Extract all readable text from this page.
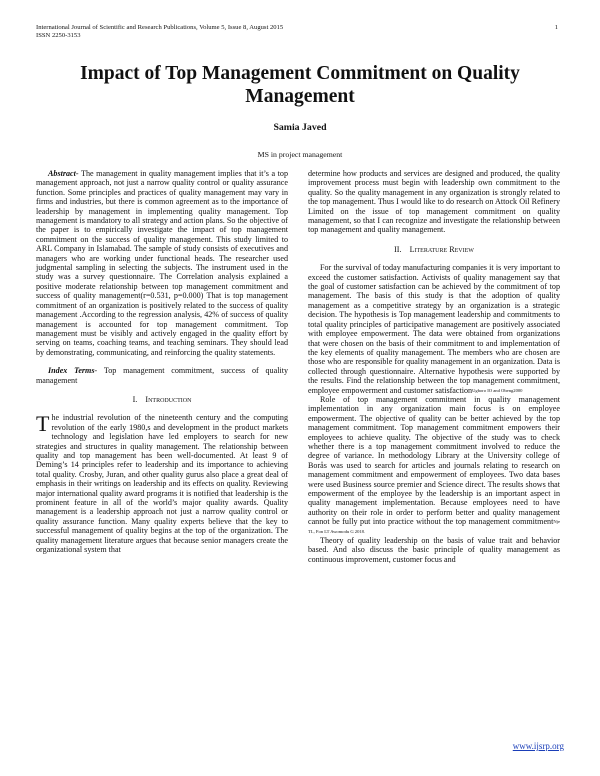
International Journal of Scientific and Research Publications, Volume 5, Issue 8, August 2015
ISSN 2250-3153
1
Impact of Top Management Commitment on Quality Management
Samia Javed
MS in project management

Abstract- The management in quality management implies that it’s a top management approach, not just a narrow quality control or quality assurance function. Some principles and practices of quality management may vary in firms and industries, but there is common agreement as to the importance of leadership by management in implementing quality management. Top management is mandatory to all strategy and action plans. So the objective of the paper is to empirically investigate the impact of top management commitment on the success of quality management. This study limited to ARL Company in Islamabad. The sample of study consists of executives and managers who are working under functional heads. The researcher used judgmental sampling in selecting the subjects. The instrument used in the study was a survey questionnaire. The Correlation analysis explained a positive moderate relationship between top management commitment and success of quality management(r=0.531, p=0.000) That is top management commitment of an organization is positively related to the success of quality management .According to the regression analysis, 42% of success of quality management is accounted for top management commitment. Top management must be visibly and actively engaged in the quality effort by serving on teams, coaching teams, and teaching seminars. They should lead by demonstrating, communicating, and reinforcing the quality statements.

Index Terms- Top management commitment, success of quality management

I. Introduction

The industrial revolution of the nineteenth century and the computing revolution of the early 1980,s and development in the product markets technology and legislation have led employers to search for new strategies and structures in quality management. The relationship between quality and top management has been well-documented. At least 9 of Deming’s 14 principles refer to leadership and its importance to achieving total quality. Crosby, Juran, and other quality gurus also place a great deal of emphasis in their writings on leadership and its effects on quality. Reviewing major international quality award programs it is notified that leadership is the prominent feature in all of the world’s major quality awards. Quality management is a leadership approach not just a narrow quality control or quality assurance function. Many quality experts believe that the key to successful management of quality begins at the top of the organization. The quality management literature argues that because senior managers create the organizational system that

determine how products and services are designed and produced, the quality improvement process must begin with leadership own commitment to the quality. So the quality management in any organization is strongly related to the top management. Thus I would like to do research on Attock Oil Refinery Limited on the issue of top management commitment on quality management, so that I can recognize and investigate the relationship between top management and quality management.

II. Literature Review

For the survival of today manufacturing companies it is very important to exceed the customer satisfaction. Activists of quality management say that the goal of customer satisfaction can be achieved by the commitment of top management. The basis of this study is that the adoption of quality management as a competitive strategy by an organization is a strategic decision. The hypothesis is Top management leadership and commitments to total quality principles of participative management are positively associated with employee empowerment. The data were obtained from organizations that were chosen on the basis of their commitment to and implementation of the key elements of quality management. The members who are chosen are those who are responsible for quality management in an organization. Data is collected through questionnaire. Alternative hypothesis were supported by the results. Find the relationship between the top management commitment, employee empowerment and customer satisfactionUgboro IO and Obeng2000

Role of top management commitment in quality management implementation in any organization main focus is on employee empowerment. The objective of quality can be better achieved by the top management commitment. Top management commitment empowers their employees to achieve quality. The objective of the study was to check whether there is a top management commitment involved to reduce the degree of variance. In methodology Library at the University college of Borås was used to search for articles and journals relating to research on management commitment and empowerment of employees. Two data bases were used Business source premier and Science direct. The results shows that empowerment of the employee by the leadership is an important aspect in quality management implementation. Because employees need to have authority on their role in order to perform better and quality management cannot be fully put into practice without the top management commitmentNje TL, Fon LT Awomodu G 2018.

Theory of quality leadership on the basis of value trait and behavior based. And also discuss the basic principle of quality management as continuous improvement, customer focus and

www.ijsrp.org
